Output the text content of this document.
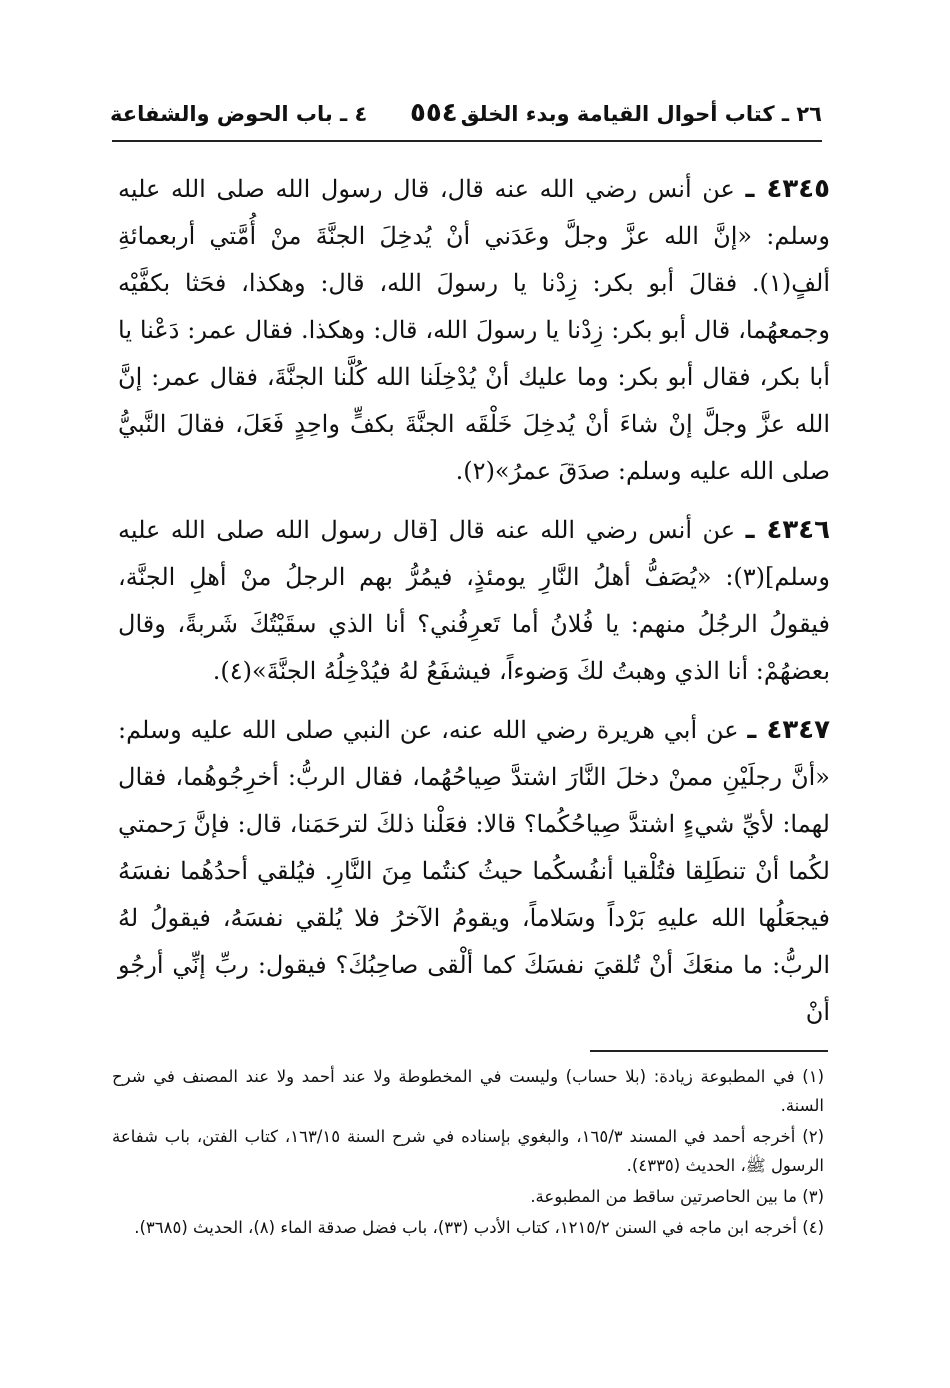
٢٦ ـ كتاب أحوال القيامة وبدء الخلق
٥٥٤
٤ ـ باب الحوض والشفاعة

٤٣٤٥ ـ عن أنس رضي الله عنه قال، قال رسول الله صلى الله عليه وسلم: «إنَّ الله عزَّ وجلَّ وعَدَني أنْ يُدخِلَ الجنَّةَ منْ أُمَّتي أربعمائةِ ألفٍ(١). فقالَ أبو بكر: زِدْنا يا رسولَ الله، قال: وهكذا، فحَثا بكفَّيْه وجمعهُما، قال أبو بكر: زِدْنا يا رسولَ الله، قال: وهكذا. فقال عمر: دَعْنا يا أبا بكر، فقال أبو بكر: وما عليك أنْ يُدْخِلَنا الله كُلَّنا الجنَّةَ، فقال عمر: إنَّ الله عزَّ وجلَّ إنْ شاءَ أنْ يُدخِلَ خَلْقَه الجنَّةَ بكفٍّ واحِدٍ فَعَلَ، فقالَ النَّبيُّ صلى الله عليه وسلم: صدَقَ عمرُ»(٢).

٤٣٤٦ ـ عن أنس رضي الله عنه قال [قال رسول الله صلى الله عليه وسلم](٣): «يُصَفُّ أهلُ النَّارِ يومئذٍ، فيمُرُّ بهم الرجلُ منْ أهلِ الجنَّة، فيقولُ الرجُلُ منهم: يا فُلانُ أما تَعرِفُني؟ أنا الذي سقَيْتُكَ شَربةً، وقال بعضهُمْ: أنا الذي وهبتُ لكَ وَضوءاً، فيشفَعُ لهُ فيُدْخِلُهُ الجنَّةَ»(٤).

٤٣٤٧ ـ عن أبي هريرة رضي الله عنه، عن النبي صلى الله عليه وسلم: «أنَّ رجلَيْنِ ممنْ دخلَ النَّارَ اشتدَّ صِياحُهُما، فقال الربُّ: أخرِجُوهُما، فقال لهما: لأيِّ شيءٍ اشتدَّ صِياحُكُما؟ قالا: فعَلْنا ذلكَ لترحَمَنا، قال: فإنَّ رَحمتي لكُما أنْ تنطَلِقا فتُلْقيا أنفُسكُما حيثُ كنتُما مِنَ النَّارِ. فيُلقي أحدُهُما نفسَهُ فيجعَلُها الله عليهِ بَرْداً وسَلاماً، ويقومُ الآخرُ فلا يُلقي نفسَهُ، فيقولُ لهُ الربُّ: ما منعَكَ أنْ تُلقيَ نفسَكَ كما ألْقى صاحِبُكَ؟ فيقول: ربِّ إنِّي أرجُو أنْ

(١) في المطبوعة زيادة: (بلا حساب) وليست في المخطوطة ولا عند أحمد ولا عند المصنف في شرح السنة.
(٢) أخرجه أحمد في المسند ١٦٥/٣، والبغوي بإسناده في شرح السنة ١٦٣/١٥، كتاب الفتن، باب شفاعة الرسول ﷺ، الحديث (٤٣٣٥).
(٣) ما بين الحاصرتين ساقط من المطبوعة.
(٤) أخرجه ابن ماجه في السنن ١٢١٥/٢، كتاب الأدب (٣٣)، باب فضل صدقة الماء (٨)، الحديث (٣٦٨٥).
